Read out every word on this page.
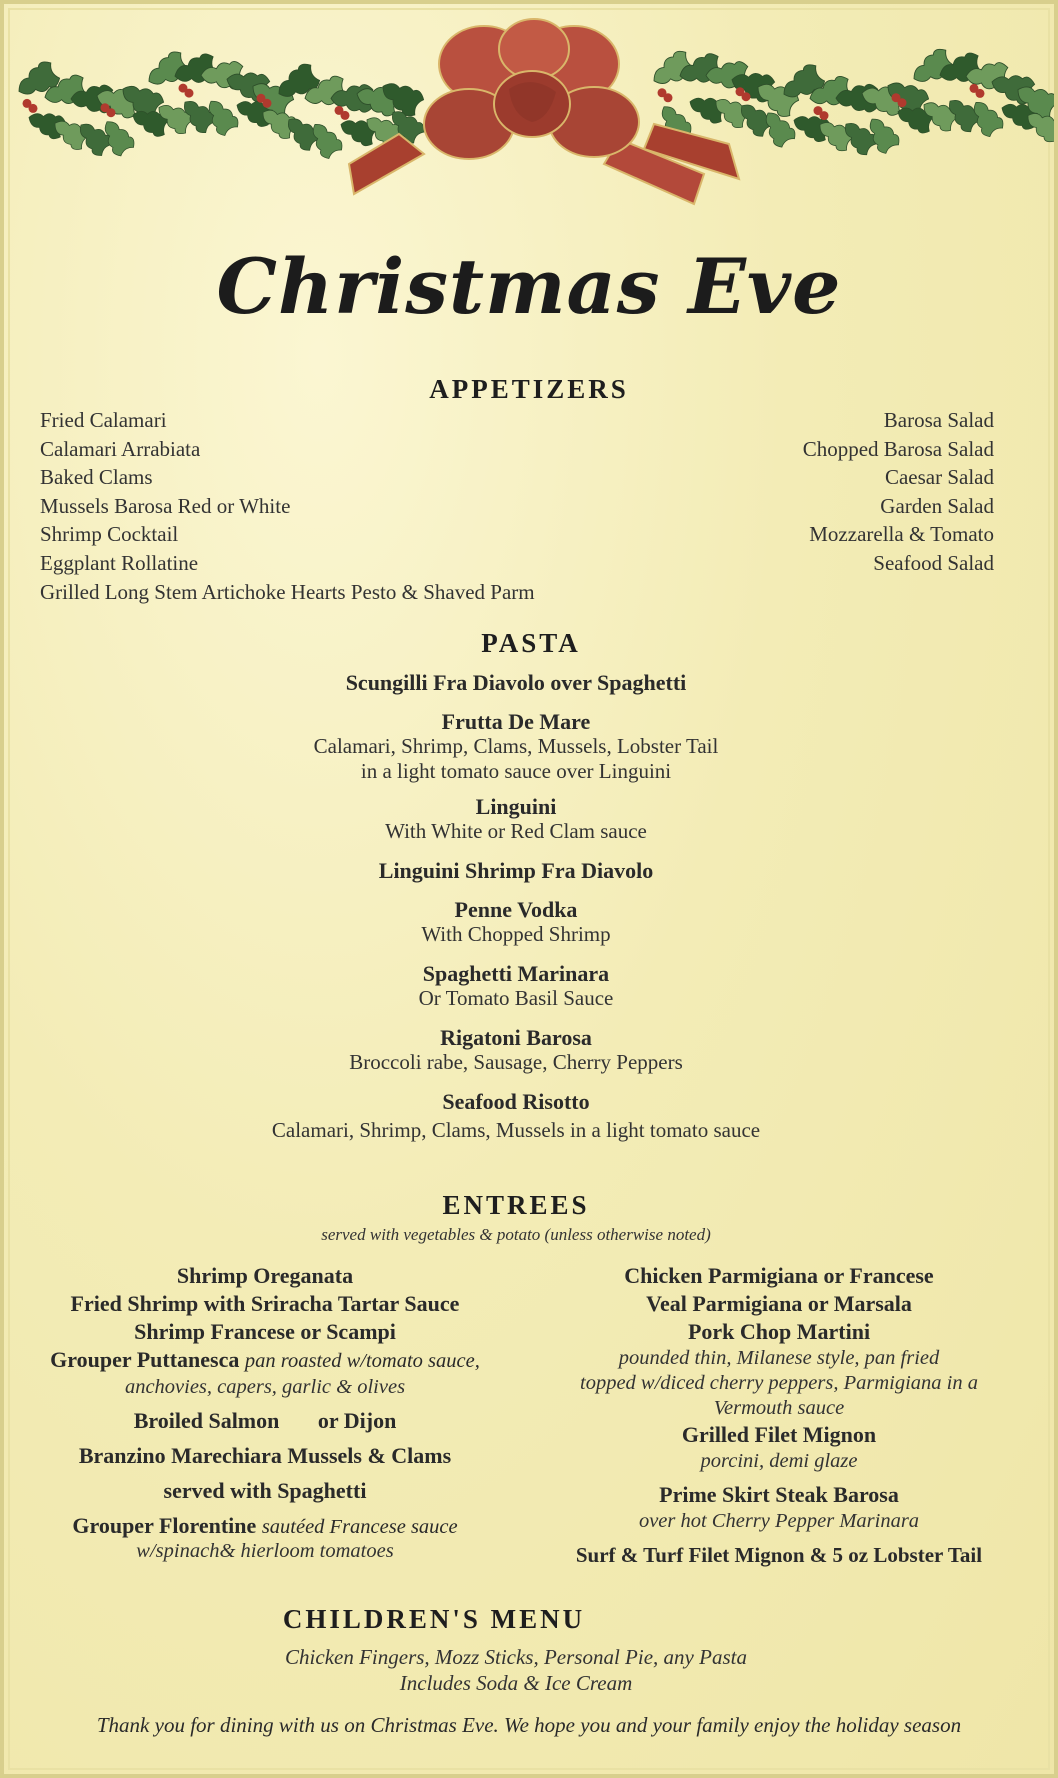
Christmas Eve
APPETIZERS
Fried Calamari
Calamari Arrabiata
Baked Clams
Mussels Barosa Red or White
Shrimp Cocktail
Eggplant Rollatine
Grilled Long Stem Artichoke Hearts Pesto & Shaved Parm
Barosa Salad
Chopped Barosa Salad
Caesar Salad
Garden Salad
Mozzarella & Tomato
Seafood Salad
PASTA
Scungilli Fra Diavolo over Spaghetti
Frutta De Mare
Calamari, Shrimp, Clams, Mussels, Lobster Tail
in a light tomato sauce over Linguini
Linguini
With White or Red Clam sauce
Linguini Shrimp Fra Diavolo
Penne Vodka
With Chopped Shrimp
Spaghetti Marinara
Or Tomato Basil Sauce
Rigatoni Barosa
Broccoli rabe, Sausage, Cherry Peppers
Seafood Risotto
Calamari, Shrimp, Clams, Mussels in a light tomato sauce
ENTREES
served with vegetables & potato (unless otherwise noted)
Shrimp Oreganata
Fried Shrimp with Sriracha Tartar Sauce
Shrimp Francese or Scampi
Grouper Puttanesca pan roasted w/tomato sauce,
anchovies, capers, garlic & olives
Broiled Salmon or Dijon
Branzino Marechiara Mussels & Clams
served with Spaghetti
Grouper Florentine sautéed Francese sauce
w/spinach& hierloom tomatoes
Chicken Parmigiana or Francese
Veal Parmigiana or Marsala
Pork Chop Martini
pounded thin, Milanese style, pan fried
topped w/diced cherry peppers, Parmigiana in a
Vermouth sauce
Grilled Filet Mignon
porcini, demi glaze
Prime Skirt Steak Barosa
over hot Cherry Pepper Marinara
Surf & Turf Filet Mignon & 5 oz Lobster Tail
CHILDREN'S MENU
Chicken Fingers, Mozz Sticks, Personal Pie, any Pasta
Includes Soda & Ice Cream
Thank you for dining with us on Christmas Eve. We hope you and your family enjoy the holiday season
